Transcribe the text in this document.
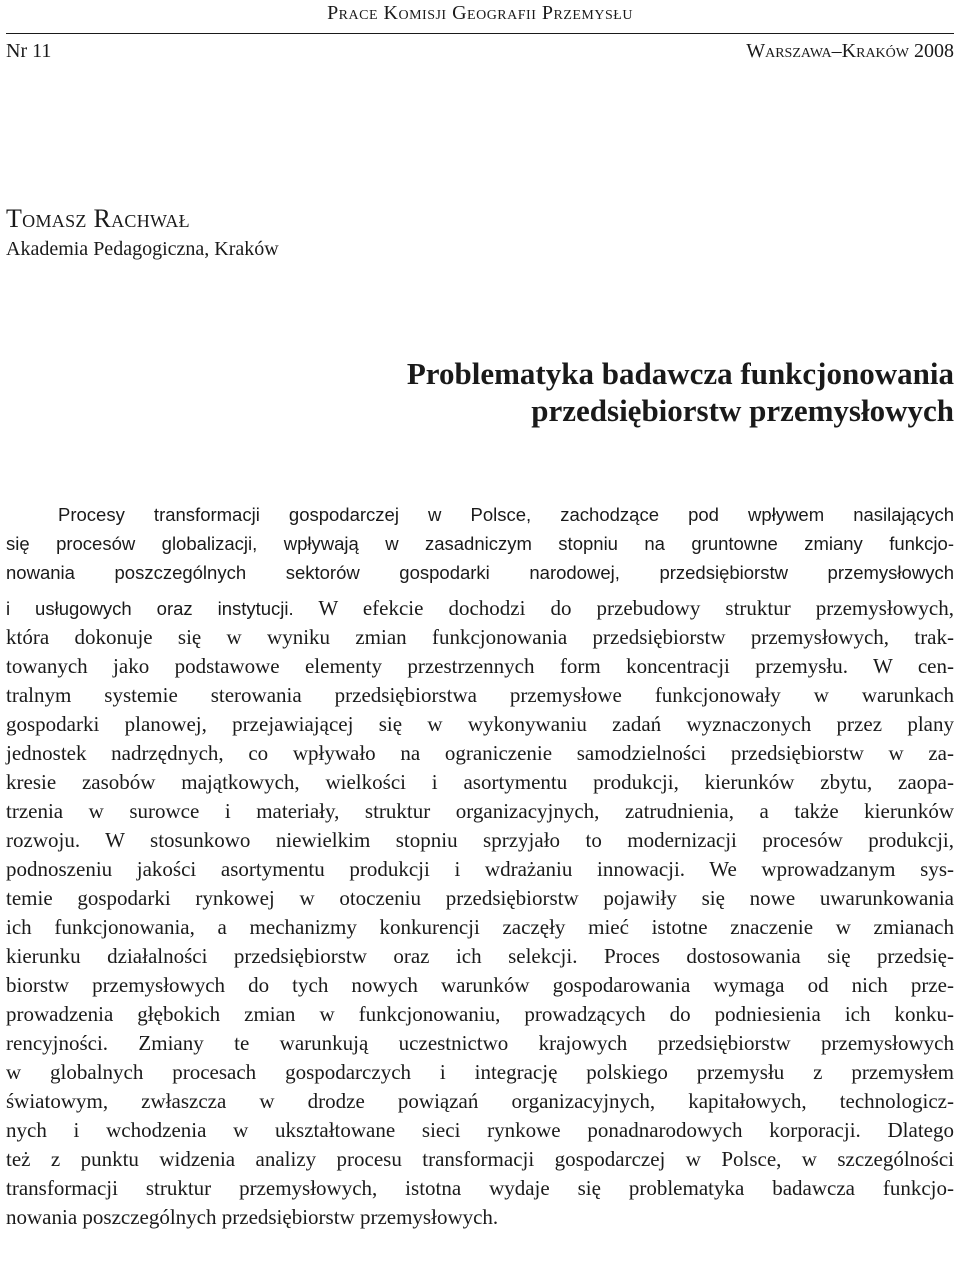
Prace Komisji Geografii Przemysłu
Nr 11	Warszawa–Kraków 2008
Tomasz Rachwał
Akademia Pedagogiczna, Kraków
Problematyka badawcza funkcjonowania
przedsiębiorstw przemysłowych
Procesy transformacji gospodarczej w Polsce, zachodzące pod wpływem nasilających
się procesów globalizacji, wpływają w zasadniczym stopniu na gruntowne zmiany funkcjo-
nowania poszczególnych sektorów gospodarki narodowej, przedsiębiorstw przemysłowych
i usługowych oraz instytucji. W efekcie dochodzi do przebudowy struktur przemysłowych,
która dokonuje się w wyniku zmian funkcjonowania przedsiębiorstw przemysłowych, trak-
towanych jako podstawowe elementy przestrzennych form koncentracji przemysłu. W cen-
tralnym systemie sterowania przedsiębiorstwa przemysłowe funkcjonowały w warunkach
gospodarki planowej, przejawiającej się w wykonywaniu zadań wyznaczonych przez plany
jednostek nadrzędnych, co wpływało na ograniczenie samodzielności przedsiębiorstw w za-
kresie zasobów majątkowych, wielkości i asortymentu produkcji, kierunków zbytu, zaopa-
trzenia w surowce i materiały, struktur organizacyjnych, zatrudnienia, a także kierunków
rozwoju. W stosunkowo niewielkim stopniu sprzyjało to modernizacji procesów produkcji,
podnoszeniu jakości asortymentu produkcji i wdrażaniu innowacji. We wprowadzanym sys-
temie gospodarki rynkowej w otoczeniu przedsiębiorstw pojawiły się nowe uwarunkowania
ich funkcjonowania, a mechanizmy konkurencji zaczęły mieć istotne znaczenie w zmianach
kierunku działalności przedsiębiorstw oraz ich selekcji. Proces dostosowania się przedsię-
biorstw przemysłowych do tych nowych warunków gospodarowania wymaga od nich prze-
prowadzenia głębokich zmian w funkcjonowaniu, prowadzących do podniesienia ich konku-
rencyjności. Zmiany te warunkują uczestnictwo krajowych przedsiębiorstw przemysłowych
w globalnych procesach gospodarczych i integrację polskiego przemysłu z przemysłem
światowym, zwłaszcza w drodze powiązań organizacyjnych, kapitałowych, technologicz-
nych i wchodzenia w ukształtowane sieci rynkowe ponadnarodowych korporacji. Dlatego
też z punktu widzenia analizy procesu transformacji gospodarczej w Polsce, w szczególności
transformacji struktur przemysłowych, istotna wydaje się problematyka badawcza funkcjo-
nowania poszczególnych przedsiębiorstw przemysłowych.
